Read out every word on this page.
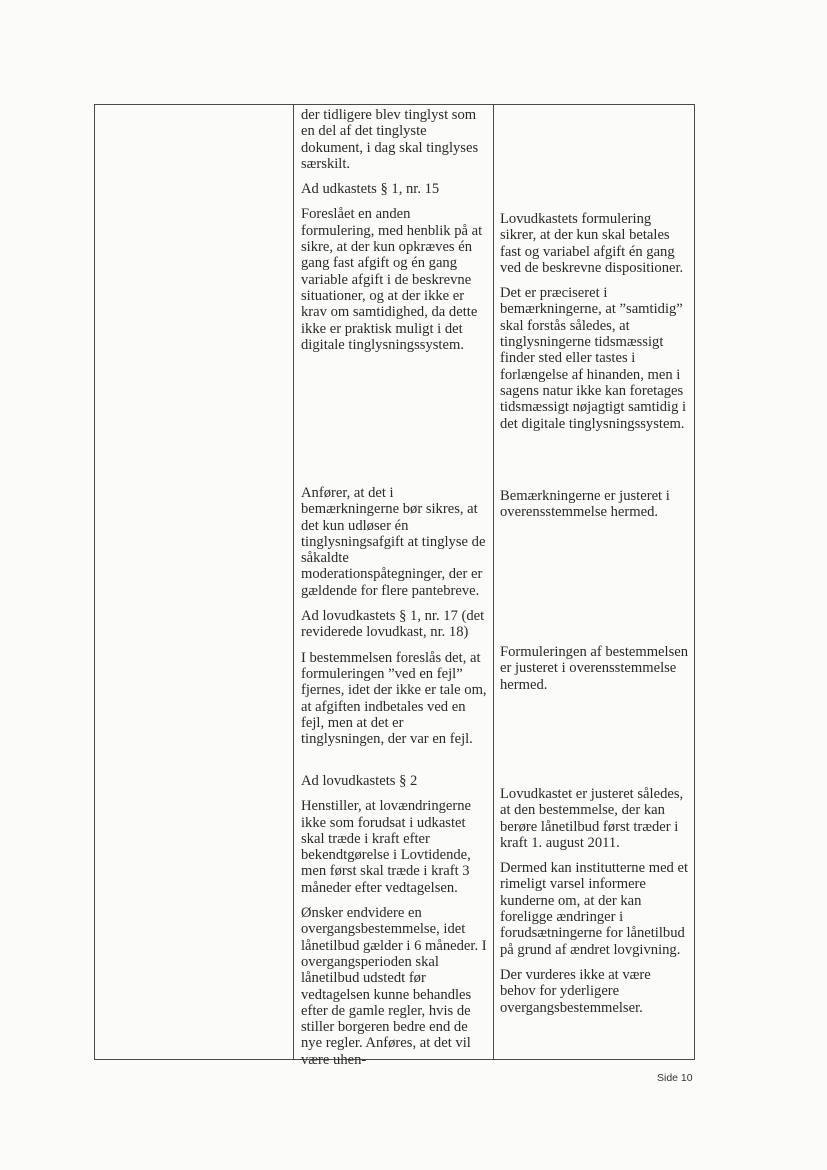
der tidligere blev tinglyst som en del af det tinglyste dokument, i dag skal tinglyses særskilt.

Ad udkastets § 1, nr. 15

Foreslået en anden formulering, med henblik på at sikre, at der kun opkræves én gang fast afgift og én gang variable afgift i de beskrevne situationer, og at der ikke er krav om samtidighed, da dette ikke er praktisk muligt i det digitale tinglysningssystem.

Anfører, at det i bemærkningerne bør sikres, at det kun udløser én tinglysningsafgift at tinglyse de såkaldte moderationspåtegninger, der er gældende for flere pantebreve.

Ad lovudkastets § 1, nr. 17 (det reviderede lovudkast, nr. 18)

I bestemmelsen foreslås det, at formuleringen ”ved en fejl” fjernes, idet der ikke er tale om, at afgiften indbetales ved en fejl, men at det er tinglysningen, der var en fejl.

Ad lovudkastets § 2

Henstiller, at lovændringerne ikke som forudsat i udkastet skal træde i kraft efter bekendtgørelse i Lovtidende, men først skal træde i kraft 3 måneder efter vedtagelsen.

Ønsker endvidere en overgangsbestemmelse, idet lånetilbud gælder i 6 måneder. I overgangsperioden skal lånetilbud udstedt før vedtagelsen kunne behandles efter de gamle regler, hvis de stiller borgeren bedre end de nye regler. Anføres, at det vil være uhen-

Lovudkastets formulering sikrer, at der kun skal betales fast og variabel afgift én gang ved de beskrevne dispositioner.

Det er præciseret i bemærkningerne, at ”samtidig” skal forstås således, at tinglysningerne tidsmæssigt finder sted eller tastes i forlængelse af hinanden, men i sagens natur ikke kan foretages tidsmæssigt nøjagtigt samtidig i det digitale tinglysningssystem.

Bemærkningerne er justeret i overensstemmelse hermed.

Formuleringen af bestemmelsen er justeret i overensstemmelse hermed.

Lovudkastet er justeret således, at den bestemmelse, der kan berøre lånetilbud først træder i kraft 1. august 2011.

Dermed kan institutterne med et rimeligt varsel informere kunderne om, at der kan foreligge ændringer i forudsætningerne for lånetilbud på grund af ændret lovgivning.

Der vurderes ikke at være behov for yderligere overgangsbestemmelser.

Side 10
